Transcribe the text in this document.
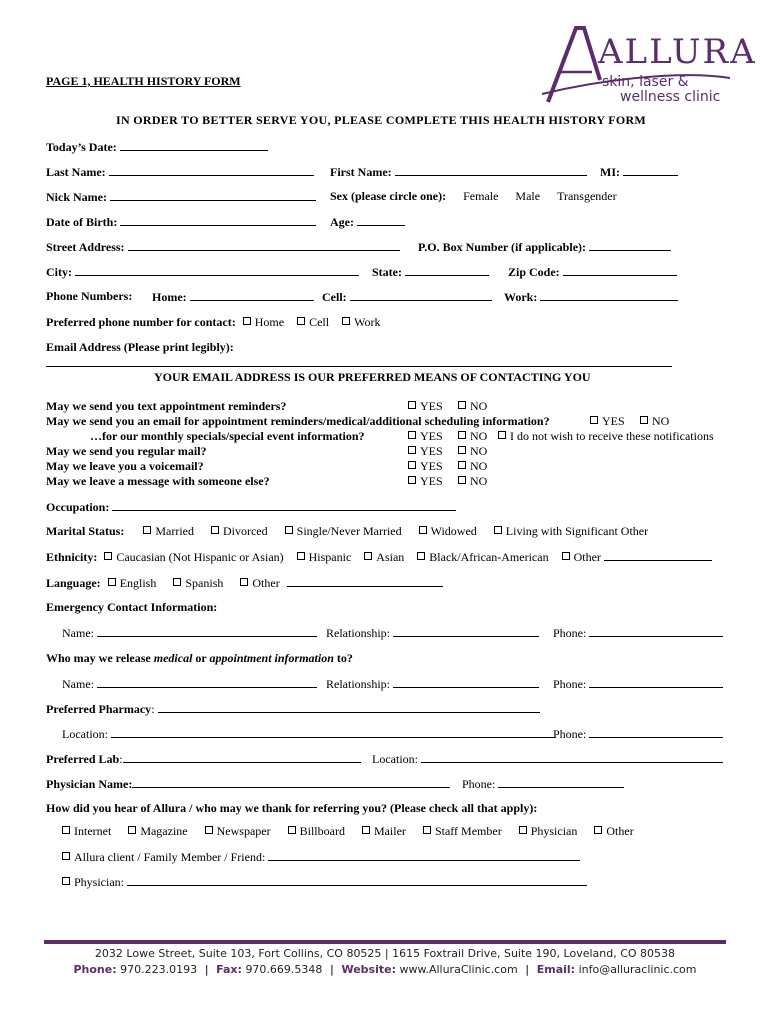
ALLURA
skin, laser &
wellness clinic
PAGE 1, HEALTH HISTORY FORM
IN ORDER TO BETTER SERVE YOU, PLEASE COMPLETE THIS HEALTH HISTORY FORM
Today’s Date:
Last Name:	First Name:	MI:
Nick Name:	Sex (please circle one): Female Male Transgender
Date of Birth:	Age:
Street Address:	P.O. Box Number (if applicable):
City:	State:	Zip Code:
Phone Numbers: Home:	Cell:	Work:
Preferred phone number for contact: Home Cell Work
Email Address (Please print legibly):
YOUR EMAIL ADDRESS IS OUR PREFERRED MEANS OF CONTACTING YOU
May we send you text appointment reminders?	YES	NO
May we send you an email for appointment reminders/medical/additional scheduling information?	YES	NO
…for our monthly specials/special event information?	YES	NO	I do not wish to receive these notifications
May we send you regular mail?	YES	NO
May we leave you a voicemail?	YES	NO
May we leave a message with someone else?	YES	NO
Occupation:
Marital Status:	Married Divorced Single/Never Married Widowed Living with Significant Other
Ethnicity: Caucasian (Not Hispanic or Asian) Hispanic Asian Black/African-American Other
Language: English Spanish Other
Emergency Contact Information:
Name:	Relationship:	Phone:
Who may we release medical or appointment information to?
Name:	Relationship:	Phone:
Preferred Pharmacy:
Location:	Phone:
Preferred Lab:	Location:
Physician Name:	Phone:
How did you hear of Allura / who may we thank for referring you? (Please check all that apply):
Internet Magazine Newspaper Billboard Mailer Staff Member Physician Other
Allura client / Family Member / Friend:
Physician:
2032 Lowe Street, Suite 103, Fort Collins, CO 80525 | 1615 Foxtrail Drive, Suite 190, Loveland, CO 80538
Phone: 970.223.0193 | Fax: 970.669.5348 | Website: www.AlluraClinic.com | Email: info@alluraclinic.com
